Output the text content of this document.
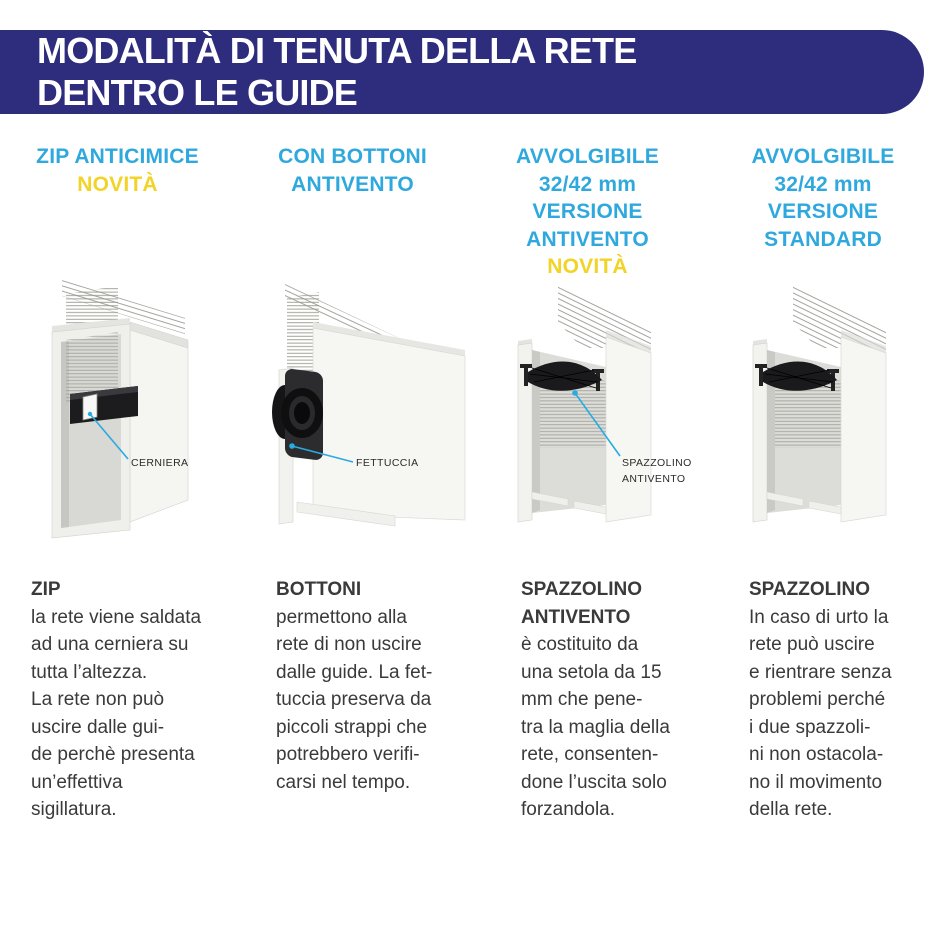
MODALITÀ DI TENUTA DELLA RETE
DENTRO LE GUIDE
ZIP ANTICIMICE
NOVITÀ
CERNIERA
ZIP
la rete viene saldata
ad una cerniera su
tutta l’altezza.
La rete non può
uscire dalle gui-
de perchè presenta
un’effettiva
sigillatura.
CON BOTTONI
ANTIVENTO
FETTUCCIA
BOTTONI
permettono alla
rete di non uscire
dalle guide. La fet-
tuccia preserva da
piccoli strappi che
potrebbero verifi-
carsi nel tempo.
AVVOLGIBILE
32/42 mm
VERSIONE
ANTIVENTO
NOVITÀ
SPAZZOLINO
ANTIVENTO
SPAZZOLINO
ANTIVENTO
è costituito da
una setola da 15
mm che pene-
tra la maglia della
rete, consenten-
done l’uscita solo
forzandola.
AVVOLGIBILE
32/42 mm
VERSIONE
STANDARD
SPAZZOLINO
In caso di urto la
rete può uscire
e rientrare senza
problemi perché
i due spazzoli-
ni non ostacola-
no il movimento
della rete.
